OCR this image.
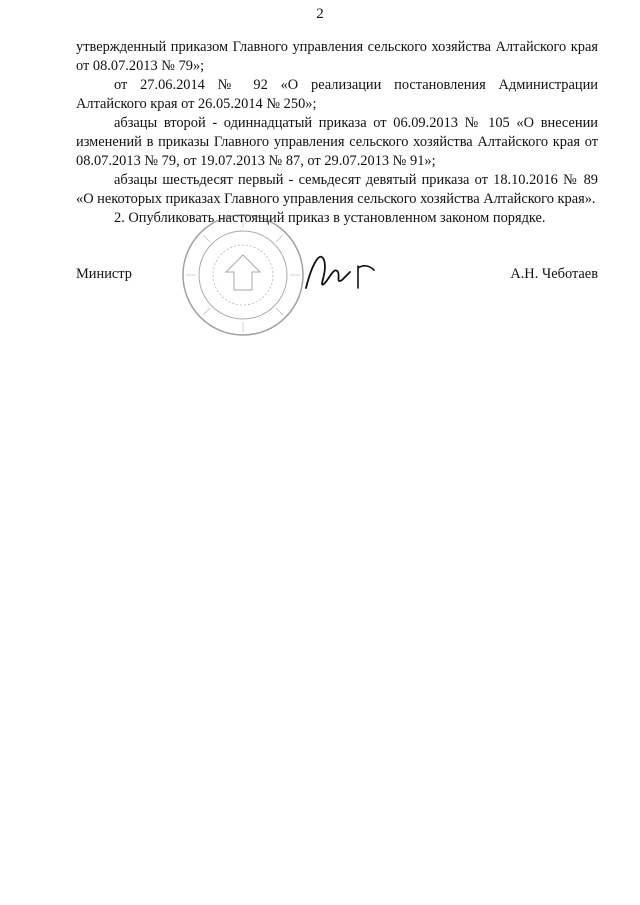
2

утвержденный приказом Главного управления сельского хозяйства Алтайского края от 08.07.2013 № 79»;

от 27.06.2014 № 92 «О реализации постановления Администрации Алтайского края от 26.05.2014 № 250»;

абзацы второй - одиннадцатый приказа от 06.09.2013 № 105 «О внесении изменений в приказы Главного управления сельского хозяйства Алтайского края от 08.07.2013 № 79, от 19.07.2013 № 87, от 29.07.2013 № 91»;

абзацы шестьдесят первый - семьдесят девятый приказа от 18.10.2016 № 89 «О некоторых приказах Главного управления сельского хозяйства Алтайского края».

2. Опубликовать настоящий приказ в установленном законом порядке.

Министр	А.Н. Чеботаев
